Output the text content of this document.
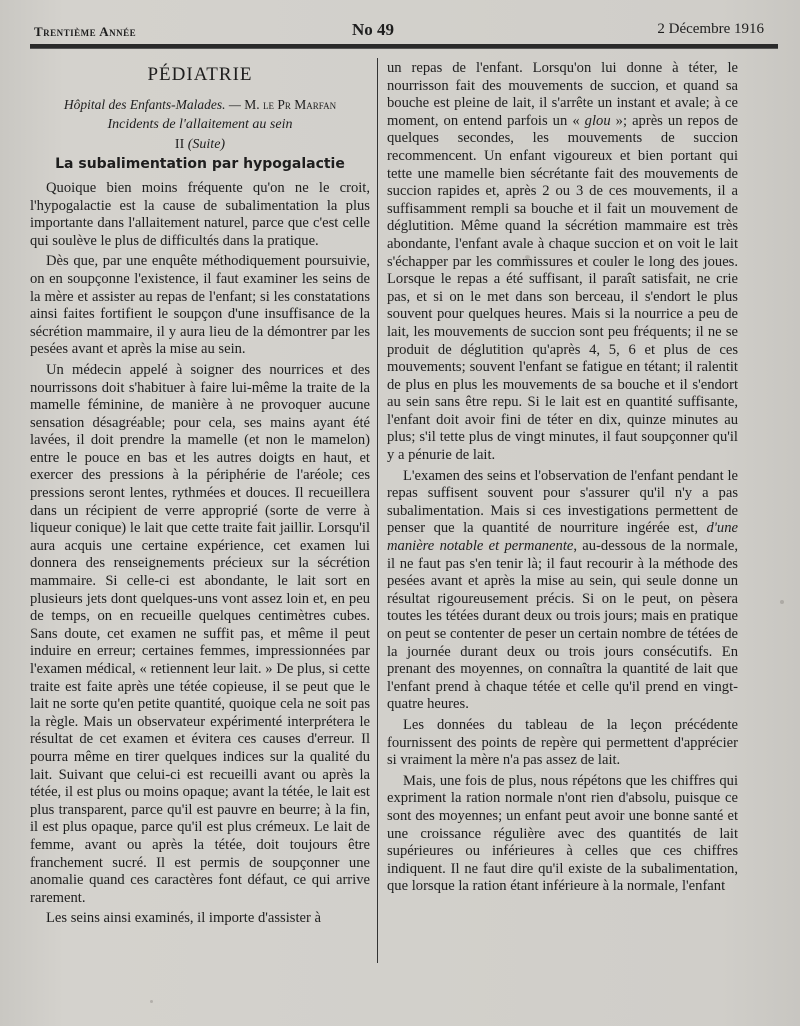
Trentième Année	No 49	2 Décembre 1916
PÉDIATRIE
Hôpital des Enfants-Malades. — M. le Pr Marfan
Incidents de l'allaitement au sein
II (Suite)
La subalimentation par hypogalactie

Quoique bien moins fréquente qu'on ne le croit, l'hypogalactie est la cause de subalimentation la plus importante dans l'allaitement naturel, parce que c'est celle qui soulève le plus de difficultés dans la pratique.

Dès que, par une enquête méthodiquement poursuivie, on en soupçonne l'existence, il faut examiner les seins de la mère et assister au repas de l'enfant; si les constatations ainsi faites fortifient le soupçon d'une insuffisance de la sécrétion mammaire, il y aura lieu de la démontrer par les pesées avant et après la mise au sein.

Un médecin appelé à soigner des nourrices et des nourrissons doit s'habituer à faire lui-même la traite de la mamelle féminine, de manière à ne provoquer aucune sensation désagréable; pour cela, ses mains ayant été lavées, il doit prendre la mamelle (et non le mamelon) entre le pouce en bas et les autres doigts en haut, et exercer des pressions à la périphérie de l'aréole; ces pressions seront lentes, rythmées et douces. Il recueillera dans un récipient de verre approprié (sorte de verre à liqueur conique) le lait que cette traite fait jaillir. Lorsqu'il aura acquis une certaine expérience, cet examen lui donnera des renseignements précieux sur la sécrétion mammaire. Si celle-ci est abondante, le lait sort en plusieurs jets dont quelques-uns vont assez loin et, en peu de temps, on en recueille quelques centimètres cubes. Sans doute, cet examen ne suffit pas, et même il peut induire en erreur; certaines femmes, impressionnées par l'examen médical, « retiennent leur lait. » De plus, si cette traite est faite après une tétée copieuse, il se peut que le lait ne sorte qu'en petite quantité, quoique cela ne soit pas la règle. Mais un observateur expérimenté interprétera le résultat de cet examen et évitera ces causes d'erreur. Il pourra même en tirer quelques indices sur la qualité du lait. Suivant que celui-ci est recueilli avant ou après la tétée, il est plus ou moins opaque; avant la tétée, le lait est plus transparent, parce qu'il est pauvre en beurre; à la fin, il est plus opaque, parce qu'il est plus crémeux. Le lait de femme, avant ou après la tétée, doit toujours être franchement sucré. Il est permis de soupçonner une anomalie quand ces caractères font défaut, ce qui arrive rarement.

Les seins ainsi examinés, il importe d'assister à

un repas de l'enfant. Lorsqu'on lui donne à téter, le nourrisson fait des mouvements de succion, et quand sa bouche est pleine de lait, il s'arrête un instant et avale; à ce moment, on entend parfois un « glou »; après un repos de quelques secondes, les mouvements de succion recommencent. Un enfant vigoureux et bien portant qui tette une mamelle bien sécrétante fait des mouvements de succion rapides et, après 2 ou 3 de ces mouvements, il a suffisamment rempli sa bouche et il fait un mouvement de déglutition. Même quand la sécrétion mammaire est très abondante, l'enfant avale à chaque succion et on voit le lait s'échapper par les commissures et couler le long des joues. Lorsque le repas a été suffisant, il paraît satisfait, ne crie pas, et si on le met dans son berceau, il s'endort le plus souvent pour quelques heures. Mais si la nourrice a peu de lait, les mouvements de succion sont peu fréquents; il ne se produit de déglutition qu'après 4, 5, 6 et plus de ces mouvements; souvent l'enfant se fatigue en tétant; il ralentit de plus en plus les mouvements de sa bouche et il s'endort au sein sans être repu. Si le lait est en quantité suffisante, l'enfant doit avoir fini de téter en dix, quinze minutes au plus; s'il tette plus de vingt minutes, il faut soupçonner qu'il y a pénurie de lait.

L'examen des seins et l'observation de l'enfant pendant le repas suffisent souvent pour s'assurer qu'il n'y a pas subalimentation. Mais si ces investigations permettent de penser que la quantité de nourriture ingérée est, d'une manière notable et permanente, au-dessous de la normale, il ne faut pas s'en tenir là; il faut recourir à la méthode des pesées avant et après la mise au sein, qui seule donne un résultat rigoureusement précis. Si on le peut, on pèsera toutes les tétées durant deux ou trois jours; mais en pratique on peut se contenter de peser un certain nombre de tétées de la journée durant deux ou trois jours consécutifs. En prenant des moyennes, on connaîtra la quantité de lait que l'enfant prend à chaque tétée et celle qu'il prend en vingt-quatre heures.

Les données du tableau de la leçon précédente fournissent des points de repère qui permettent d'apprécier si vraiment la mère n'a pas assez de lait.

Mais, une fois de plus, nous répétons que les chiffres qui expriment la ration normale n'ont rien d'absolu, puisque ce sont des moyennes; un enfant peut avoir une bonne santé et une croissance régulière avec des quantités de lait supérieures ou inférieures à celles que ces chiffres indiquent. Il ne faut dire qu'il existe de la subalimentation, que lorsque la ration étant inférieure à la normale, l'enfant
